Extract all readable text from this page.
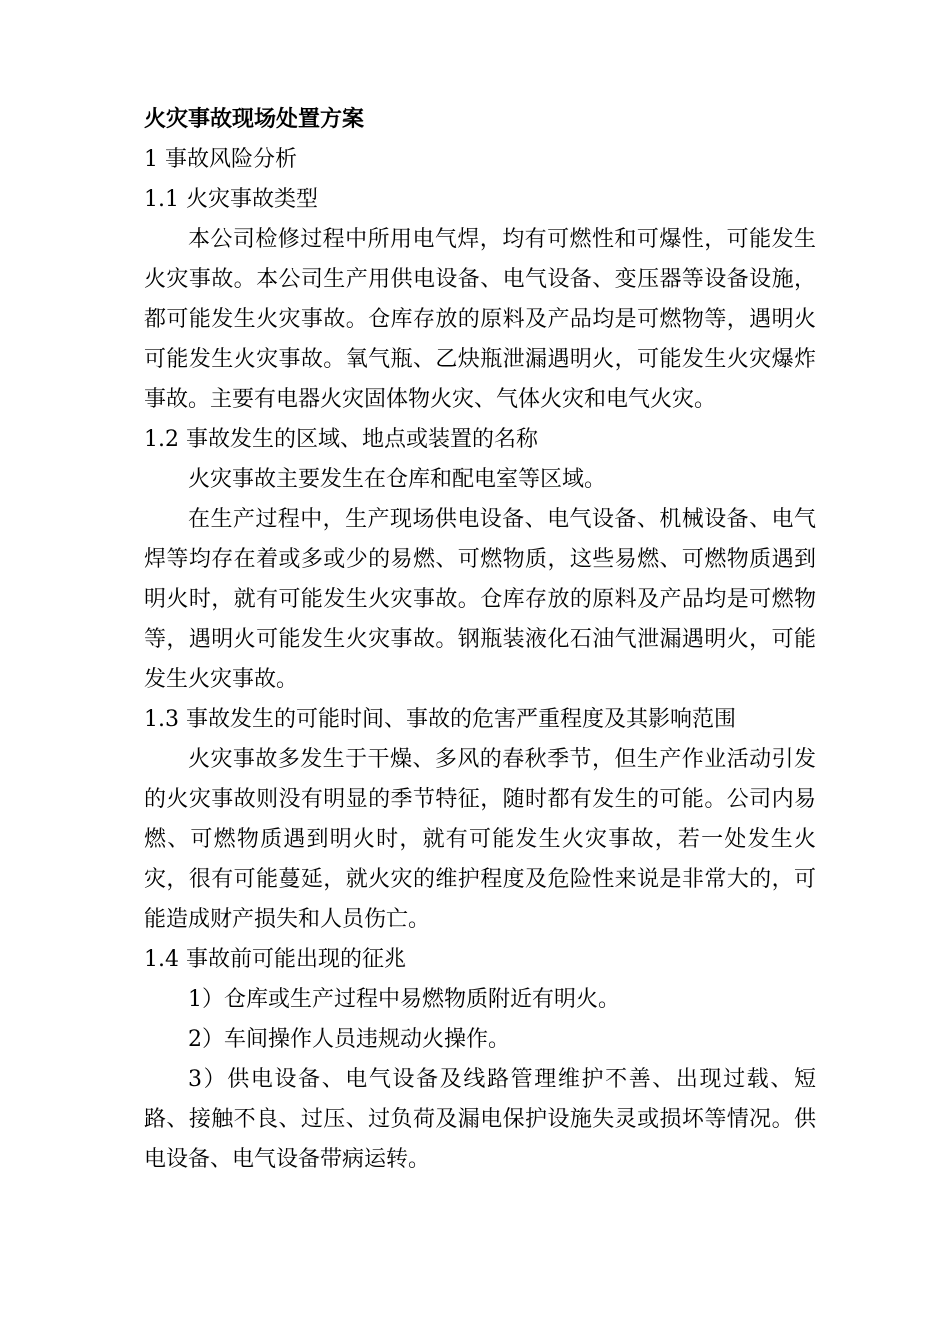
火灾事故现场处置方案

1 事故风险分析

1.1 火灾事故类型

本公司检修过程中所用电气焊，均有可燃性和可爆性，可能发生火灾事故。本公司生产用供电设备、电气设备、变压器等设备设施，都可能发生火灾事故。仓库存放的原料及产品均是可燃物等，遇明火可能发生火灾事故。氧气瓶、乙炔瓶泄漏遇明火，可能发生火灾爆炸事故。主要有电器火灾固体物火灾、气体火灾和电气火灾。

1.2 事故发生的区域、地点或装置的名称

火灾事故主要发生在仓库和配电室等区域。

在生产过程中，生产现场供电设备、电气设备、机械设备、电气焊等均存在着或多或少的易燃、可燃物质，这些易燃、可燃物质遇到明火时，就有可能发生火灾事故。仓库存放的原料及产品均是可燃物等，遇明火可能发生火灾事故。钢瓶装液化石油气泄漏遇明火，可能发生火灾事故。

1.3 事故发生的可能时间、事故的危害严重程度及其影响范围

火灾事故多发生于干燥、多风的春秋季节，但生产作业活动引发的火灾事故则没有明显的季节特征，随时都有发生的可能。公司内易燃、可燃物质遇到明火时，就有可能发生火灾事故，若一处发生火灾，很有可能蔓延，就火灾的维护程度及危险性来说是非常大的，可能造成财产损失和人员伤亡。

1.4 事故前可能出现的征兆

1）仓库或生产过程中易燃物质附近有明火。

2）车间操作人员违规动火操作。

3）供电设备、电气设备及线路管理维护不善、出现过载、短路、接触不良、过压、过负荷及漏电保护设施失灵或损坏等情况。供电设备、电气设备带病运转。
